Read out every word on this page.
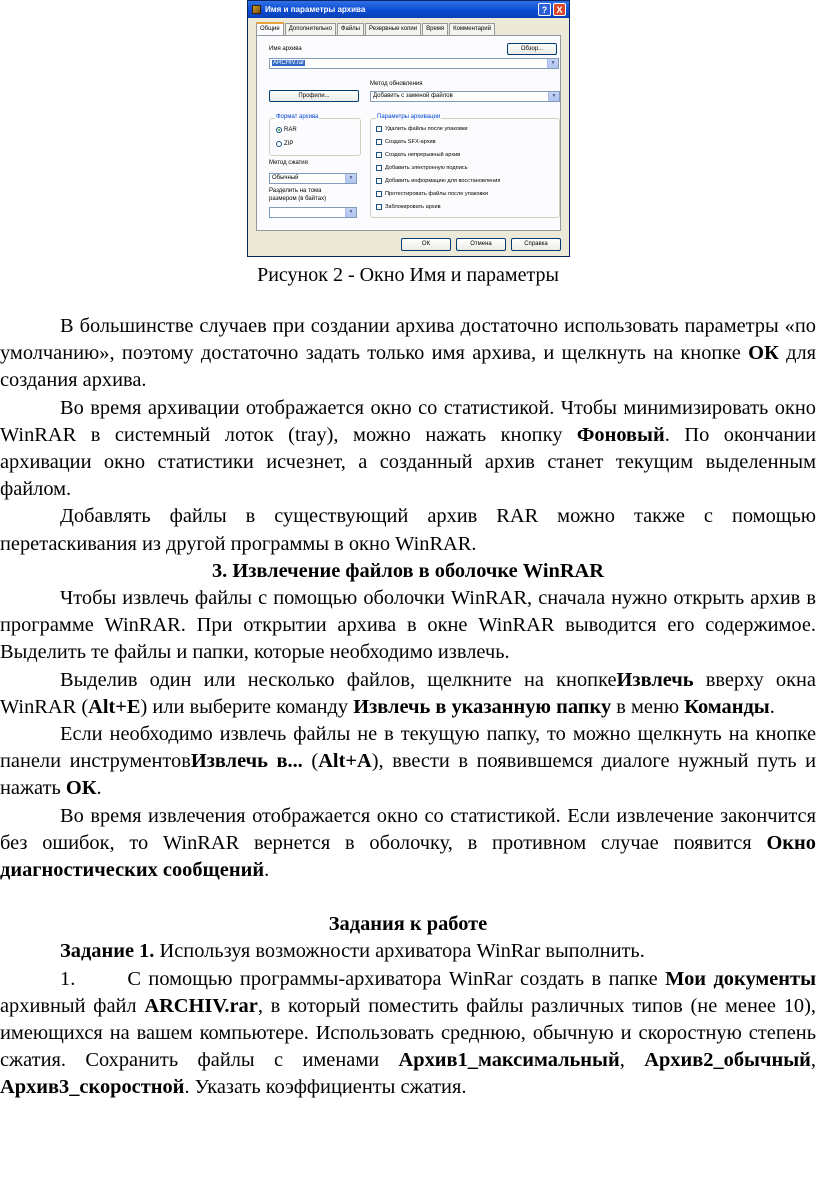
Имя и параметры архива	?	X
Общие	Дополнительно	Файлы	Резервные копии	Время	Комментарий
Имя архива	Обзор...
ARCHIV.rar	▼
Метод обновления
Профили...	Добавить с заменой файлов	▼
Формат архива
RAR
ZIP
Метод сжатия
Обычный	▼
Разделить на тома
размером (в байтах)
▼
Параметры архивации
Удалить файлы после упаковки
Создать SFX-архив
Создать непрерывный архив
Добавить электронную подпись
Добавить информацию для восстановления
Протестировать файлы после упаковки
Заблокировать архив
ОК	Отмена	Справка
Рисунок 2 - Окно Имя и параметры

В большинстве случаев при создании архива достаточно использовать параметры «по умолчанию», поэтому достаточно задать только имя архива, и щелкнуть на кнопке ОК для создания архива.

Во время архивации отображается окно со статистикой. Чтобы минимизировать окно WinRAR в системный лоток (tray), можно нажать кнопку Фоновый. По окончании архивации окно статистики исчезнет, а созданный архив станет текущим выделенным файлом.

Добавлять файлы в существующий архив RAR можно также с помощью перетаскивания из другой программы в окно WinRAR.

3. Извлечение файлов в оболочке WinRAR

Чтобы извлечь файлы с помощью оболочки WinRAR, сначала нужно открыть архив в программе WinRAR. При открытии архива в окне WinRAR выводится его содержимое. Выделить те файлы и папки, которые необходимо извлечь.

Выделив один или несколько файлов, щелкните на кнопкеИзвлечь вверху окна WinRAR (Alt+E) или выберите команду Извлечь в указанную папку в меню Команды.

Если необходимо извлечь файлы не в текущую папку, то можно щелкнуть на кнопке панели инструментовИзвлечь в... (Alt+A), ввести в появившемся диалоге нужный путь и нажать ОК.

Во время извлечения отображается окно со статистикой. Если извлечение закончится без ошибок, то WinRAR вернется в оболочку, в противном случае появится Окно диагностических сообщений.

Задания к работе

Задание 1. Используя возможности архиватора WinRar выполнить.

1.	С помощью программы-архиватора WinRar создать в папке Мои документы архивный файл ARCHIV.rar, в который поместить файлы различных типов (не менее 10), имеющихся на вашем компьютере. Использовать среднюю, обычную и скоростную степень сжатия. Сохранить файлы с именами Архив1_максимальный, Архив2_обычный, Архив3_скоростной. Указать коэффициенты сжатия.
